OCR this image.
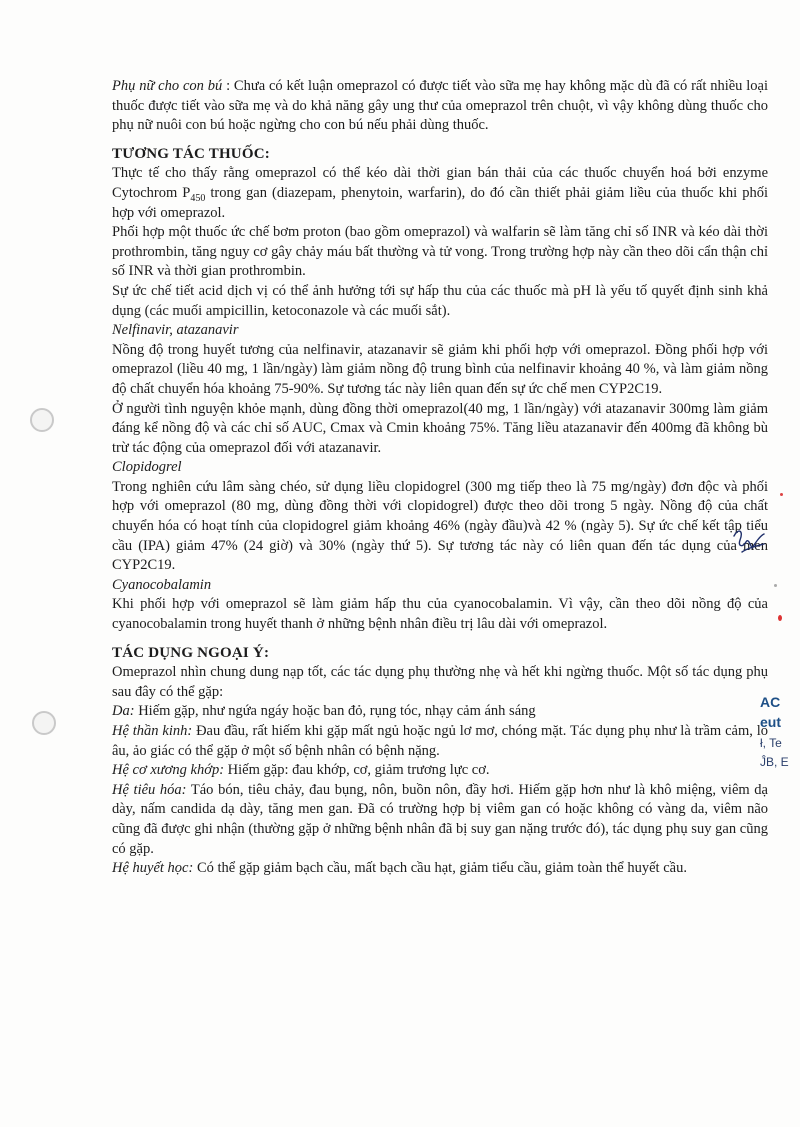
Phụ nữ cho con bú : Chưa có kết luận omeprazol có được tiết vào sữa mẹ hay không mặc dù đã có rất nhiều loại thuốc được tiết vào sữa mẹ và do khả năng gây ung thư của omeprazol trên chuột, vì vậy không dùng thuốc cho phụ nữ nuôi con bú hoặc ngừng cho con bú nếu phải dùng thuốc.

TƯƠNG TÁC THUỐC:

Thực tế cho thấy rằng omeprazol có thể kéo dài thời gian bán thải của các thuốc chuyển hoá bởi enzyme Cytochrom $P_{450}$ trong gan (diazepam, phenytoin, warfarin), do đó cần thiết phải giảm liều của thuốc khi phối hợp với omeprazol.

Phối hợp một thuốc ức chế bơm proton (bao gồm omeprazol) và walfarin sẽ làm tăng chỉ số INR và kéo dài thời prothrombin, tăng nguy cơ gây chảy máu bất thường và tử vong. Trong trường hợp này cần theo dõi cẩn thận chỉ số INR và thời gian prothrombin.

Sự ức chế tiết acid dịch vị có thể ảnh hưởng tới sự hấp thu của các thuốc mà pH là yếu tố quyết định sinh khả dụng (các muối ampicillin, ketoconazole và các muối sắt).

Nelfinavir, atazanavir

Nồng độ trong huyết tương của nelfinavir, atazanavir sẽ giảm khi phối hợp với omeprazol. Đồng phối hợp với omeprazol (liều 40 mg, 1 lần/ngày) làm giảm nồng độ trung bình của nelfinavir khoảng 40 %, và làm giảm nồng độ chất chuyển hóa khoảng 75-90%. Sự tương tác này liên quan đến sự ức chế men CYP2C19.

Ở người tình nguyện khỏe mạnh, dùng đồng thời omeprazol(40 mg, 1 lần/ngày) với atazanavir 300mg làm giảm đáng kể nồng độ và các chỉ số AUC, Cmax và Cmin khoảng 75%. Tăng liều atazanavir đến 400mg đã không bù trừ tác động của omeprazol đối với atazanavir.

Clopidogrel

Trong nghiên cứu lâm sàng chéo, sử dụng liều clopidogrel (300 mg tiếp theo là 75 mg/ngày) đơn độc và phối hợp với omeprazol (80 mg, dùng đồng thời với clopidogrel) được theo dõi trong 5 ngày. Nồng độ của chất chuyển hóa có hoạt tính của clopidogrel giảm khoảng 46% (ngày đầu)và 42 % (ngày 5). Sự ức chế kết tập tiểu cầu (IPA) giảm 47% (24 giờ) và 30% (ngày thứ 5). Sự tương tác này có liên quan đến tác dụng của men CYP2C19.

Cyanocobalamin

Khi phối hợp với omeprazol sẽ làm giảm hấp thu của cyanocobalamin. Vì vậy, cần theo dõi nồng độ của cyanocobalamin trong huyết thanh ở những bệnh nhân điều trị lâu dài với omeprazol.

TÁC DỤNG NGOẠI Ý:

Omeprazol nhìn chung dung nạp tốt, các tác dụng phụ thường nhẹ và hết khi ngừng thuốc. Một số tác dụng phụ sau đây có thể gặp:

Da: Hiếm gặp, như ngứa ngáy hoặc ban đỏ, rụng tóc, nhạy cảm ánh sáng

Hệ thần kinh: Đau đầu, rất hiếm khi gặp mất ngủ hoặc ngủ lơ mơ, chóng mặt. Tác dụng phụ như là trầm cảm, lo âu, ảo giác có thể gặp ở một số bệnh nhân có bệnh nặng.

Hệ cơ xương khớp: Hiếm gặp: đau khớp, cơ, giảm trương lực cơ.

Hệ tiêu hóa: Táo bón, tiêu chảy, đau bụng, nôn, buồn nôn, đầy hơi. Hiếm gặp hơn như là khô miệng, viêm dạ dày, nấm candida dạ dày, tăng men gan. Đã có trường hợp bị viêm gan có hoặc không có vàng da, viêm não cũng đã được ghi nhận (thường gặp ở những bệnh nhân đã bị suy gan nặng trước đó), tác dụng phụ suy gan cũng có gặp.

Hệ huyết học: Có thể gặp giảm bạch cầu, mất bạch cầu hạt, giảm tiểu cầu, giảm toàn thể huyết cầu.

AC
eut
ł, Te
ĴB, E
